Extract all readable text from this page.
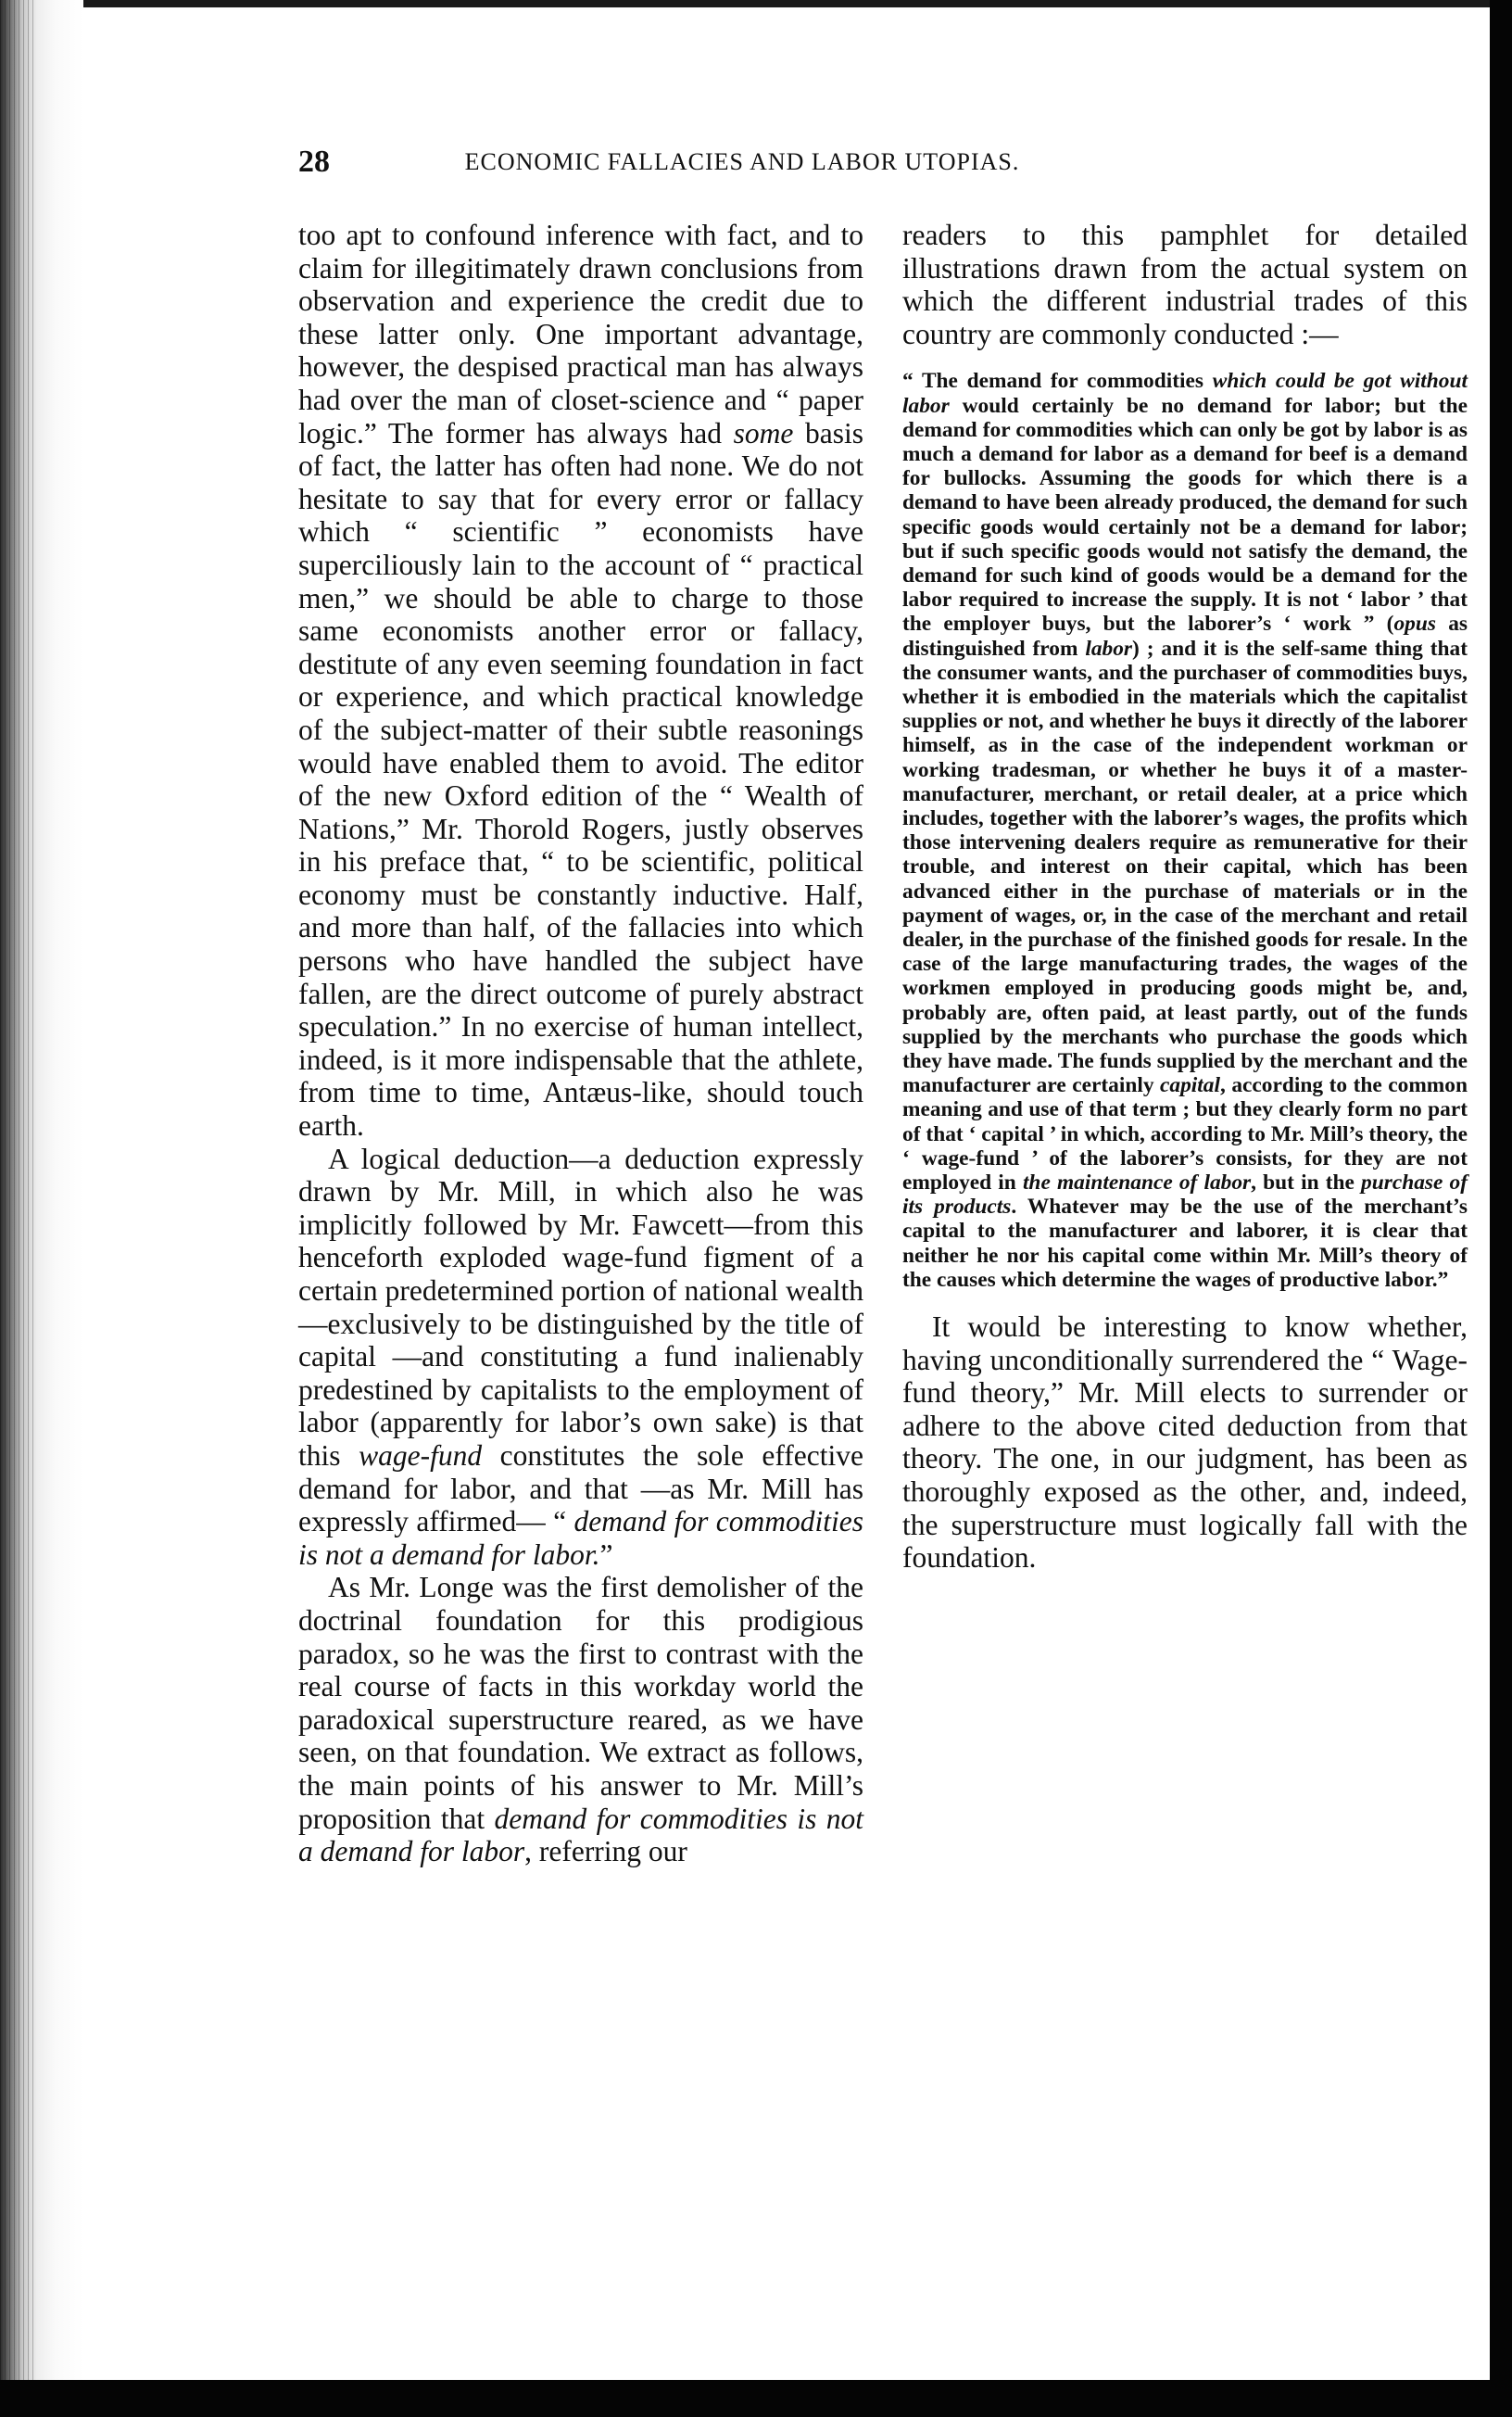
28	ECONOMIC FALLACIES AND LABOR UTOPIAS.

too apt to confound inference with fact, and to claim for illegitimately drawn conclusions from observation and experience the credit due to these latter only. One important advantage, however, the despised practical man has always had over the man of closet-science and “ paper logic.” The former has always had some basis of fact, the latter has often had none. We do not hesitate to say that for every error or fallacy which “ scientific ” economists have superciliously lain to the account of “ practical men,” we should be able to charge to those same economists another error or fallacy, destitute of any even seeming foundation in fact or experience, and which practical knowledge of the subject-matter of their subtle reasonings would have enabled them to avoid. The editor of the new Oxford edition of the “ Wealth of Nations,” Mr. Thorold Rogers, justly observes in his preface that, “ to be scientific, political economy must be constantly inductive. Half, and more than half, of the fallacies into which persons who have handled the subject have fallen, are the direct outcome of purely abstract speculation.” In no exercise of human intellect, indeed, is it more indispensable that the athlete, from time to time, Antæus-like, should touch earth.

A logical deduction—a deduction expressly drawn by Mr. Mill, in which also he was implicitly followed by Mr. Fawcett—from this henceforth exploded wage-fund figment of a certain predetermined portion of national wealth—exclusively to be distinguished by the title of capital —and constituting a fund inalienably predestined by capitalists to the employment of labor (apparently for labor’s own sake) is that this wage-fund constitutes the sole effective demand for labor, and that —as Mr. Mill has expressly affirmed— “ demand for commodities is not a demand for labor.”

As Mr. Longe was the first demolisher of the doctrinal foundation for this prodigious paradox, so he was the first to contrast with the real course of facts in this workday world the paradoxical superstructure reared, as we have seen, on that foundation. We extract as follows, the main points of his answer to Mr. Mill’s proposition that demand for commodities is not a demand for labor, referring our

readers to this pamphlet for detailed illustrations drawn from the actual system on which the different industrial trades of this country are commonly conducted :—

“ The demand for commodities which could be got without labor would certainly be no demand for labor; but the demand for commodities which can only be got by labor is as much a demand for labor as a demand for beef is a demand for bullocks. Assuming the goods for which there is a demand to have been already produced, the demand for such specific goods would certainly not be a demand for labor; but if such specific goods would not satisfy the demand, the demand for such kind of goods would be a demand for the labor required to increase the supply. It is not ‘ labor ’ that the employer buys, but the laborer’s ‘ work ” (opus as distinguished from labor) ; and it is the self-same thing that the consumer wants, and the purchaser of commodities buys, whether it is embodied in the materials which the capitalist supplies or not, and whether he buys it directly of the laborer himself, as in the case of the independent workman or working tradesman, or whether he buys it of a master-manufacturer, merchant, or retail dealer, at a price which includes, together with the laborer’s wages, the profits which those intervening dealers require as remunerative for their trouble, and interest on their capital, which has been advanced either in the purchase of materials or in the payment of wages, or, in the case of the merchant and retail dealer, in the purchase of the finished goods for resale. In the case of the large manufacturing trades, the wages of the workmen employed in producing goods might be, and, probably are, often paid, at least partly, out of the funds supplied by the merchants who purchase the goods which they have made. The funds supplied by the merchant and the manufacturer are certainly capital, according to the common meaning and use of that term ; but they clearly form no part of that ‘ capital ’ in which, according to Mr. Mill’s theory, the ‘ wage-fund ’ of the laborer’s consists, for they are not employed in the maintenance of labor, but in the purchase of its products. Whatever may be the use of the merchant’s capital to the manufacturer and laborer, it is clear that neither he nor his capital come within Mr. Mill’s theory of the causes which determine the wages of productive labor.”

It would be interesting to know whether, having unconditionally surrendered the “ Wage-fund theory,” Mr. Mill elects to surrender or adhere to the above cited deduction from that theory. The one, in our judgment, has been as thoroughly exposed as the other, and, indeed, the superstructure must logically fall with the foundation.
